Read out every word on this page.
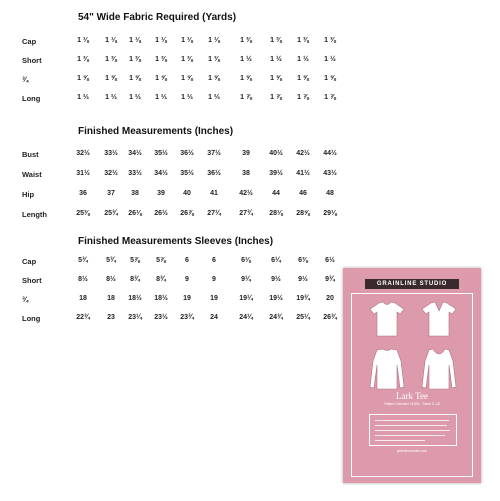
54" Wide Fabric Required (Yards)
Cap	1 ⅛	1 ⅛	1 ⅛	1 ⅛	1 ⅛	1 ⅛	1 ⅜	1 ⅜	1 ⅜	1 ⅜
Short	1 ⅜	1 ⅜	1 ⅜	1 ⅜	1 ⅜	1 ⅜	1 ½	1 ½	1 ½	1 ½
¾	1 ⅝	1 ⅝	1 ⅝	1 ⅝	1 ⅝	1 ⅝	1 ⅝	1 ⅝	1 ⅝	1 ⅝
Long	1 ⅔	1 ⅔	1 ⅔	1 ⅔	1 ⅔	1 ⅔	1 ⅞	1 ⅞	1 ⅞	1 ⅞
Finished Measurements (Inches)
Bust	32½	33½	34½	35½	36½	37½	39	40½	42½	44½
Waist	31½	32½	33½	34½	35½	36½	38	39½	41½	43½
Hip	36	37	38	39	40	41	42½	44	46	48
Length	25⅜	25¾	26⅛	26½	26⅞	27¼	27¾	28⅛	28⅝	29⅛
Finished Measurements Sleeves (Inches)
Cap	5¾	5¾	5⅞	5⅞	6	6	6⅛	6¼	6⅜	6½
Short	8½	8½	8¾	8¾	9	9	9¼	9½	9½	9¾
¾	18	18	18½	18½	19	19	19¼	19½	19¾	20
Long	22¾	23	23¼	23½	23¾	24	24¼	24¾	25¼	26¾
GRAINLINE STUDIO
Lark Tee
Pattern Number 11004 · Sizes 0–18
grainlinestudio.com
